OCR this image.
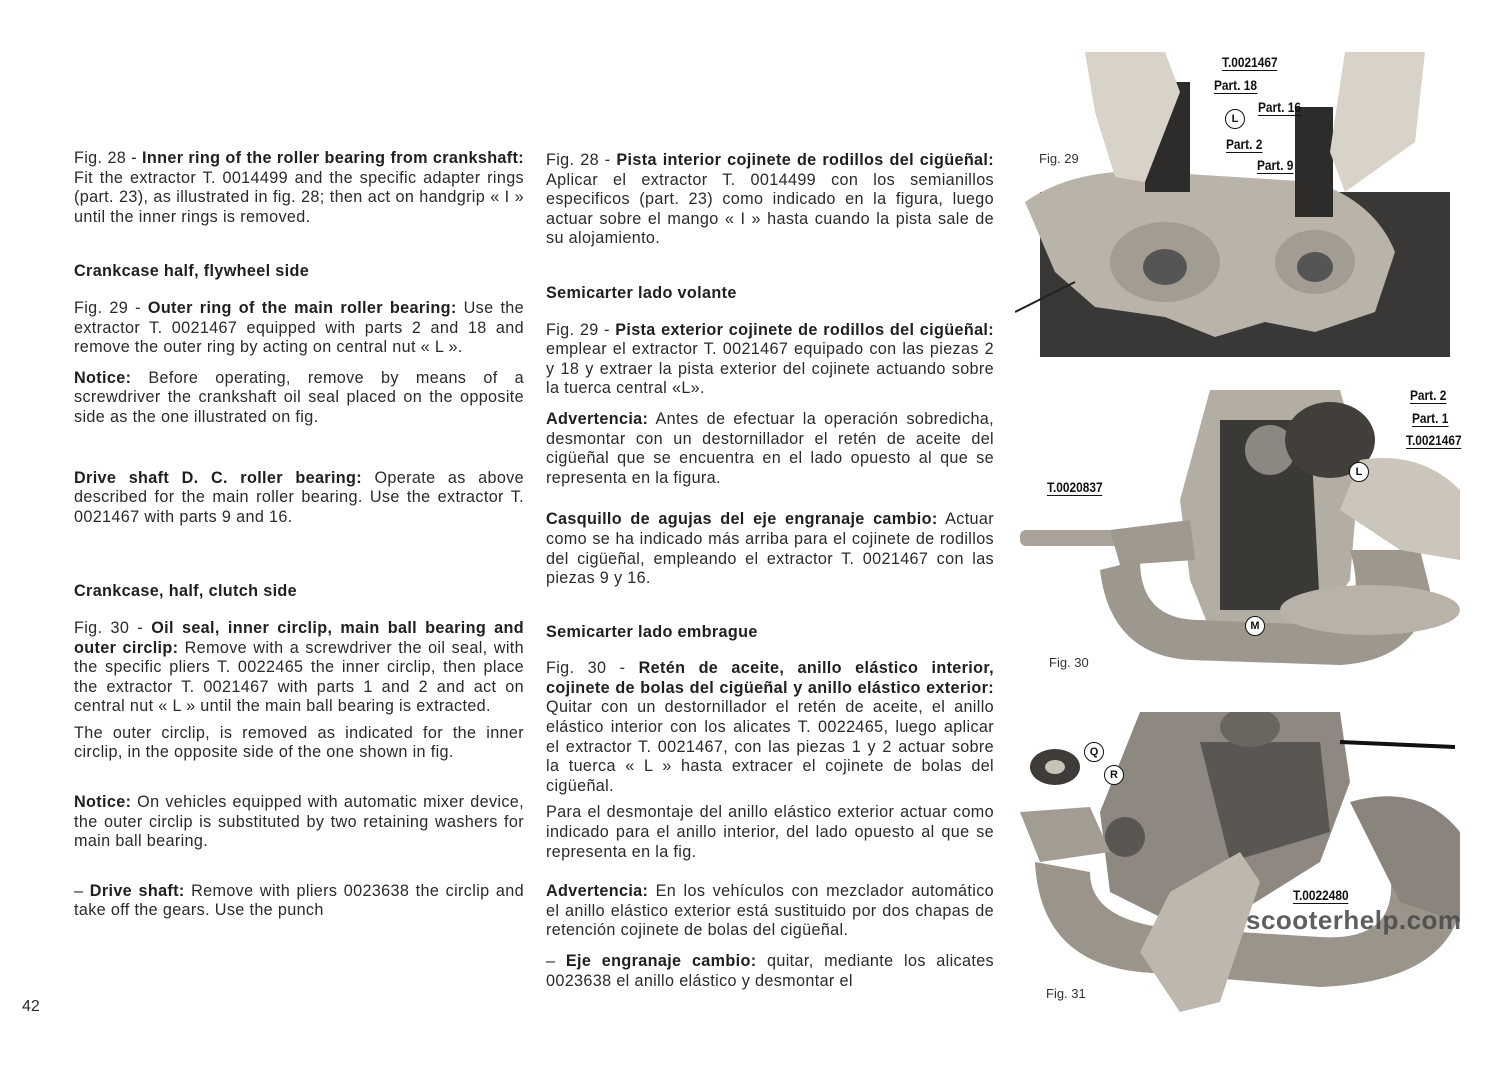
Fig. 28 - Inner ring of the roller bearing from crankshaft: Fit the extractor T. 0014499 and the specific adapter rings (part. 23), as illustrated in fig. 28; then act on handgrip « I » until the inner rings is removed.

Crankcase half, flywheel side

Fig. 29 - Outer ring of the main roller bearing: Use the extractor T. 0021467 equipped with parts 2 and 18 and remove the outer ring by acting on central nut « L ».

Notice: Before operating, remove by means of a screwdriver the crankshaft oil seal placed on the opposite side as the one illustrated on fig.

Drive shaft D. C. roller bearing: Operate as above described for the main roller bearing. Use the extractor T. 0021467 with parts 9 and 16.

Crankcase, half, clutch side

Fig. 30 - Oil seal, inner circlip, main ball bearing and outer circlip: Remove with a screwdriver the oil seal, with the specific pliers T. 0022465 the inner circlip, then place the extractor T. 0021467 with parts 1 and 2 and act on central nut « L » until the main ball bearing is extracted.

The outer circlip, is removed as indicated for the inner circlip, in the opposite side of the one shown in fig.

Notice: On vehicles equipped with automatic mixer device, the outer circlip is substituted by two retaining washers for main ball bearing.

– Drive shaft: Remove with pliers 0023638 the circlip and take off the gears. Use the punch

Fig. 28 - Pista interior cojinete de rodillos del cigüeñal: Aplicar el extractor T. 0014499 con los semianillos especificos (part. 23) como indicado en la figura, luego actuar sobre el mango « I » hasta cuando la pista sale de su alojamiento.

Semicarter lado volante

Fig. 29 - Pista exterior cojinete de rodillos del cigüeñal: emplear el extractor T. 0021467 equipado con las piezas 2 y 18 y extraer la pista exterior del cojinete actuando sobre la tuerca central «L».

Advertencia: Antes de efectuar la operación sobredicha, desmontar con un destornillador el retén de aceite del cigüeñal que se encuentra en el lado opuesto al que se representa en la figura.

Casquillo de agujas del eje engranaje cambio: Actuar como se ha indicado más arriba para el cojinete de rodillos del cigüeñal, empleando el extractor T. 0021467 con las piezas 9 y 16.

Semicarter lado embrague

Fig. 30 - Retén de aceite, anillo elástico interior, cojinete de bolas del cigüeñal y anillo elástico exterior: Quitar con un destornillador el retén de aceite, el anillo elástico interior con los alicates T. 0022465, luego aplicar el extractor T. 0021467, con las piezas 1 y 2 actuar sobre la tuerca « L » hasta extracer el cojinete de bolas del cigüeñal.

Para el desmontaje del anillo elástico exterior actuar como indicado para el anillo interior, del lado opuesto al que se representa en la fig.

Advertencia: En los vehículos con mezclador automático el anillo elástico exterior está sustituido por dos chapas de retención cojinete de bolas del cigüeñal.

– Eje engranaje cambio: quitar, mediante los alicates 0023638 el anillo elástico y desmontar el

42
T.0021467
Part. 18
L
Part. 16
Part. 2
Part. 9
Fig. 29
Part. 2
Part. 1
T.0021467
L
T.0020837
M
Fig. 30
Q
R
T.0022480
Fig. 31
scooterhelp.com
